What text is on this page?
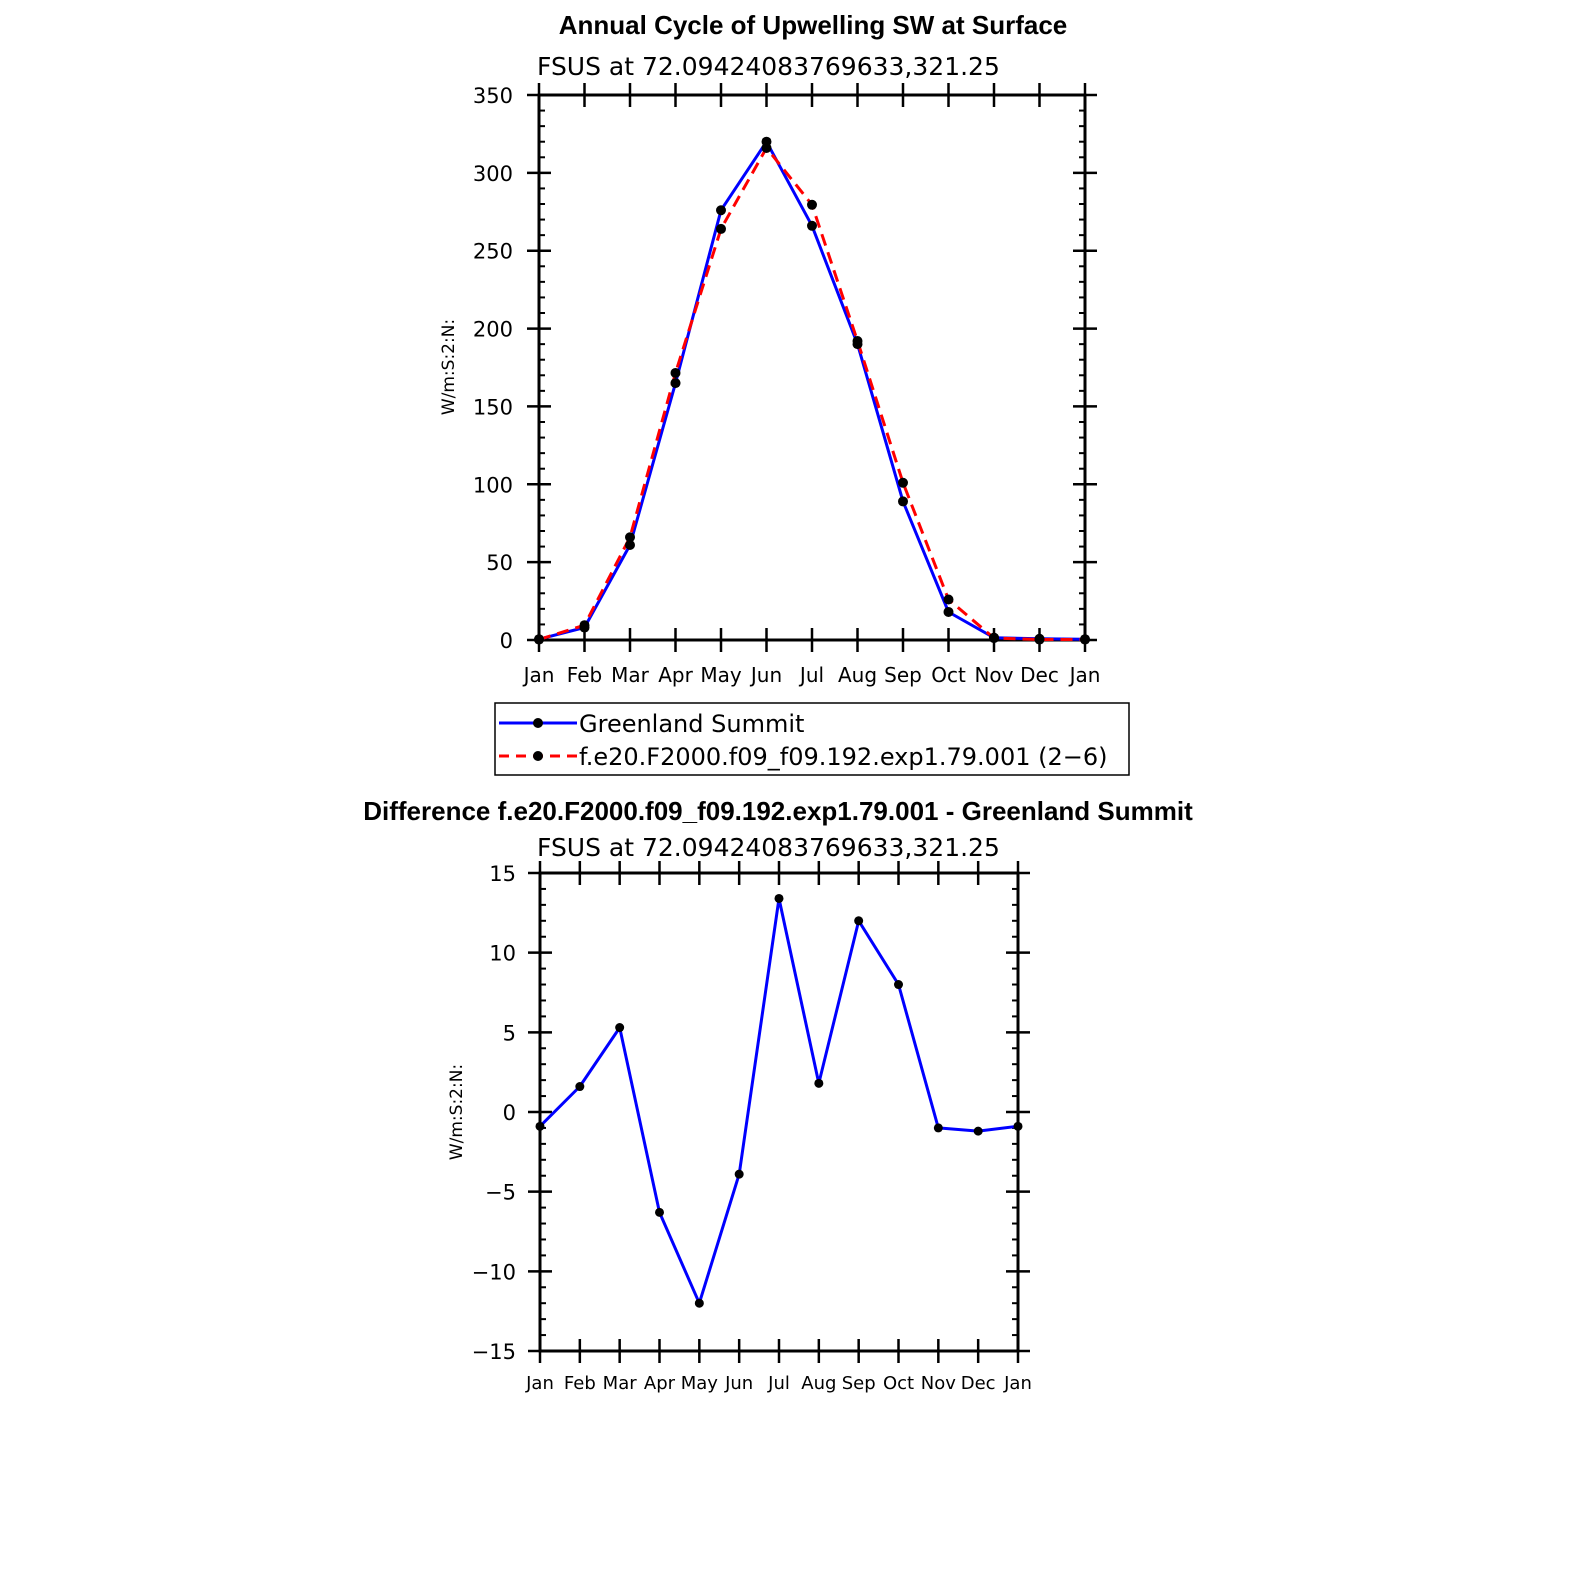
Annual Cycle of Upwelling SW at Surface
FSUS at 72.09424083769633,321.25
W/m:S:2:N:
0
50
100
150
200
250
300
350
Jan Feb Mar Apr May Jun Jul Aug Sep Oct Nov Dec Jan
Greenland Summit
f.e20.F2000.f09_f09.192.exp1.79.001 (2−6)
Difference f.e20.F2000.f09_f09.192.exp1.79.001 - Greenland Summit
FSUS at 72.09424083769633,321.25
W/m:S:2:N:
−15
−10
−5
0
5
10
15
Jan Feb Mar Apr May Jun Jul Aug Sep Oct Nov Dec Jan
